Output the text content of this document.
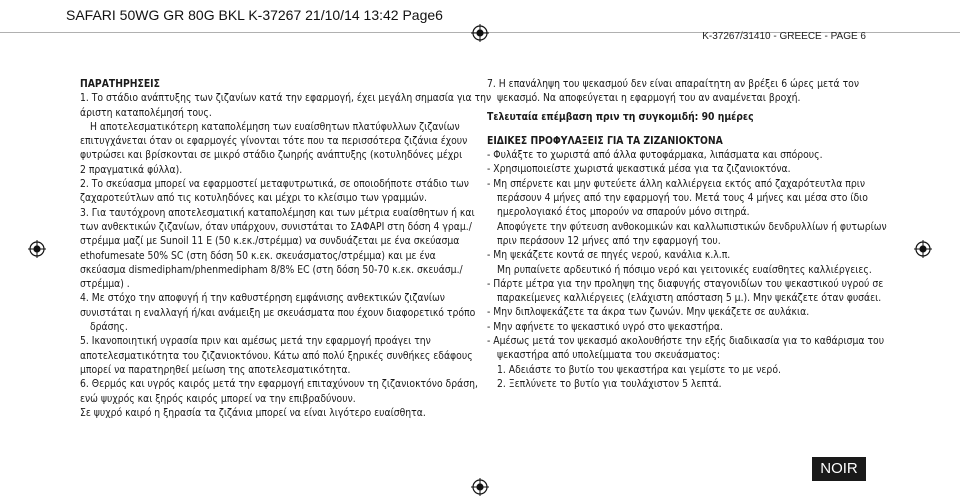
SAFARI 50WG GR 80G BKL K-37267 21/10/14 13:42 Page6
K-37267/31410 - GREECE - PAGE 6
ΠΑΡΑΤΗΡΗΣΕΙΣ
1. Το στάδιο ανάπτυξης των ζιζανίων κατά την εφαρμογή, έχει μεγάλη σημασία για την
άριστη καταπολέμησή τους.
Η αποτελεσματικότερη καταπολέμηση των ευαίσθητων πλατύφυλλων ζιζανίων
επιτυγχάνεται όταν οι εφαρμογές γίνονται τότε που τα περισσότερα ζιζάνια έχουν
φυτρώσει και βρίσκονται σε μικρό στάδιο ζωηρής ανάπτυξης (κοτυληδόνες μέχρι
2 πραγματικά φύλλα).
2. Το σκεύασμα μπορεί να εφαρμοστεί μεταφυτρωτικά, σε οποιοδήποτε στάδιο των
ζαχαροτεύτλων από τις κοτυληδόνες και μέχρι το κλείσιμο των γραμμών.
3. Για ταυτόχρονη αποτελεσματική καταπολέμηση και των μέτρια ευαίσθητων ή και
των ανθεκτικών ζιζανίων, όταν υπάρχουν, συνιστάται το ΣΑΦΑΡΙ στη δόση 4 γραμ./
στρέμμα μαζί με Sunoil 11 E (50 κ.εκ./στρέμμα) να συνδυάζεται με ένα σκεύασμα
ethofumesate 50% SC (στη δόση 50 κ.εκ. σκευάσματος/στρέμμα) και με ένα
σκεύασμα dismedipham/phenmedipham 8/8% EC (στη δόση 50-70 κ.εκ. σκευάσμ./
στρέμμα) .
4. Με στόχο την αποφυγή ή την καθυστέρηση εμφάνισης ανθεκτικών ζιζανίων
συνιστάται η εναλλαγή ή/και ανάμειξη με σκευάσματα που έχουν διαφορετικό τρόπο
δράσης.
5. Ικανοποιητική υγρασία πριν και αμέσως μετά την εφαρμογή προάγει την
αποτελεσματικότητα του ζιζανιοκτόνου. Κάτω από πολύ ξηρικές συνθήκες εδάφους
μπορεί να παρατηρηθεί μείωση της αποτελεσματικότητα.
6. Θερμός και υγρός καιρός μετά την εφαρμογή επιταχύνουν τη ζιζανιοκτόνο δράση,
ενώ ψυχρός και ξηρός καιρός μπορεί να την επιβραδύνουν.
Σε ψυχρό καιρό η ξηρασία τα ζιζάνια μπορεί να είναι λιγότερο ευαίσθητα.
7. Η επανάληψη του ψεκασμού δεν είναι απαραίτητη αν βρέξει 6 ώρες μετά τον
ψεκασμό. Να αποφεύγεται η εφαρμογή του αν αναμένεται βροχή.
Τελευταία επέμβαση πριν τη συγκομιδή: 90 ημέρες
ΕΙΔΙΚΕΣ ΠΡΟΦΥΛΑΞΕΙΣ ΓΙΑ ΤΑ ΖΙΖΑΝΙΟΚΤΟΝΑ
- Φυλάξτε το χωριστά από άλλα φυτοφάρμακα, λιπάσματα και σπόρους.
- Χρησιμοποιείστε χωριστά ψεκαστικά μέσα για τα ζιζανιοκτόνα.
- Μη σπέρνετε και μην φυτεύετε άλλη καλλιέργεια εκτός από ζαχαρότευτλα πριν
περάσουν 4 μήνες από την εφαρμογή του. Μετά τους 4 μήνες και μέσα στο ίδιο
ημερολογιακό έτος μπορούν να σπαρούν μόνο σιτηρά.
Αποφύγετε την φύτευση ανθοκομικών και καλλωπιστικών δενδρυλλίων ή φυτωρίων
πριν περάσουν 12 μήνες από την εφαρμογή του.
- Μη ψεκάζετε κοντά σε πηγές νερού, κανάλια κ.λ.π.
Μη ρυπαίνετε αρδευτικό ή πόσιμο νερό και γειτονικές ευαίσθητες καλλιέργειες.
- Πάρτε μέτρα για την προληψη της διαφυγής σταγονιδίων του ψεκαστικού υγρού σε
παρακείμενες καλλιέργειες (ελάχιστη απόσταση 5 μ.). Μην ψεκάζετε όταν φυσάει.
- Μην διπλοψεκάζετε τα άκρα των ζωνών. Μην ψεκάζετε σε αυλάκια.
- Μην αφήνετε το ψεκαστικό υγρό στο ψεκαστήρα.
- Αμέσως μετά τον ψεκασμό ακολουθήστε την εξής διαδικασία για το καθάρισμα του
ψεκαστήρα από υπολείμματα του σκευάσματος:
1. Αδειάστε το βυτίο του ψεκαστήρα και γεμίστε το με νερό.
2. Ξεπλύνετε το βυτίο για τουλάχιστον 5 λεπτά.
NOIR
